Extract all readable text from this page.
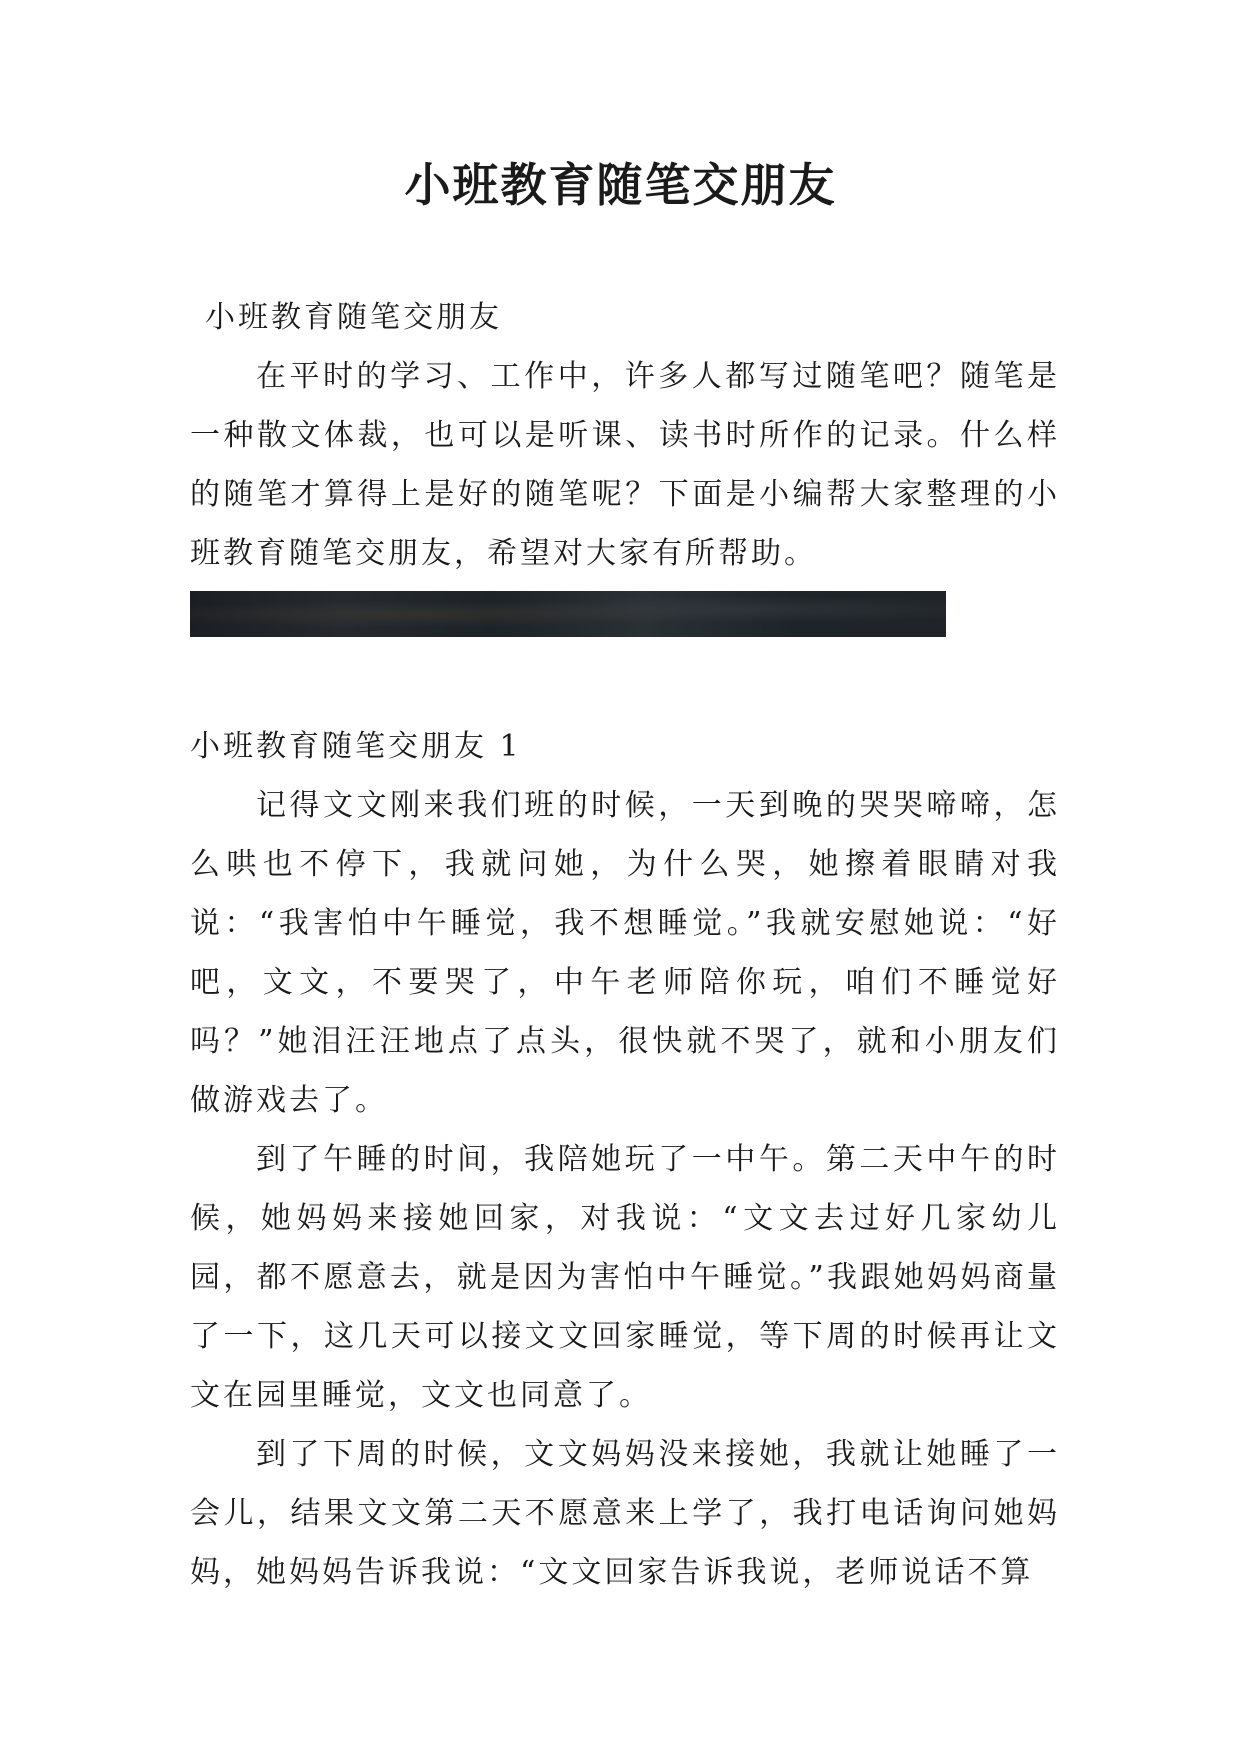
小班教育随笔交朋友

小班教育随笔交朋友

在平时的学习、工作中，许多人都写过随笔吧？随笔是一种散文体裁，也可以是听课、读书时所作的记录。什么样的随笔才算得上是好的随笔呢？下面是小编帮大家整理的小班教育随笔交朋友，希望对大家有所帮助。

小班教育随笔交朋友 1

记得文文刚来我们班的时候，一天到晚的哭哭啼啼，怎么哄也不停下，我就问她，为什么哭，她擦着眼睛对我说：“我害怕中午睡觉，我不想睡觉。”我就安慰她说：“好吧，文文，不要哭了，中午老师陪你玩，咱们不睡觉好吗？”她泪汪汪地点了点头，很快就不哭了，就和小朋友们做游戏去了。

到了午睡的时间，我陪她玩了一中午。第二天中午的时候，她妈妈来接她回家，对我说：“文文去过好几家幼儿园，都不愿意去，就是因为害怕中午睡觉。”我跟她妈妈商量了一下，这几天可以接文文回家睡觉，等下周的时候再让文文在园里睡觉，文文也同意了。

到了下周的时候，文文妈妈没来接她，我就让她睡了一会儿，结果文文第二天不愿意来上学了，我打电话询问她妈妈，她妈妈告诉我说：“文文回家告诉我说，老师说话不算
